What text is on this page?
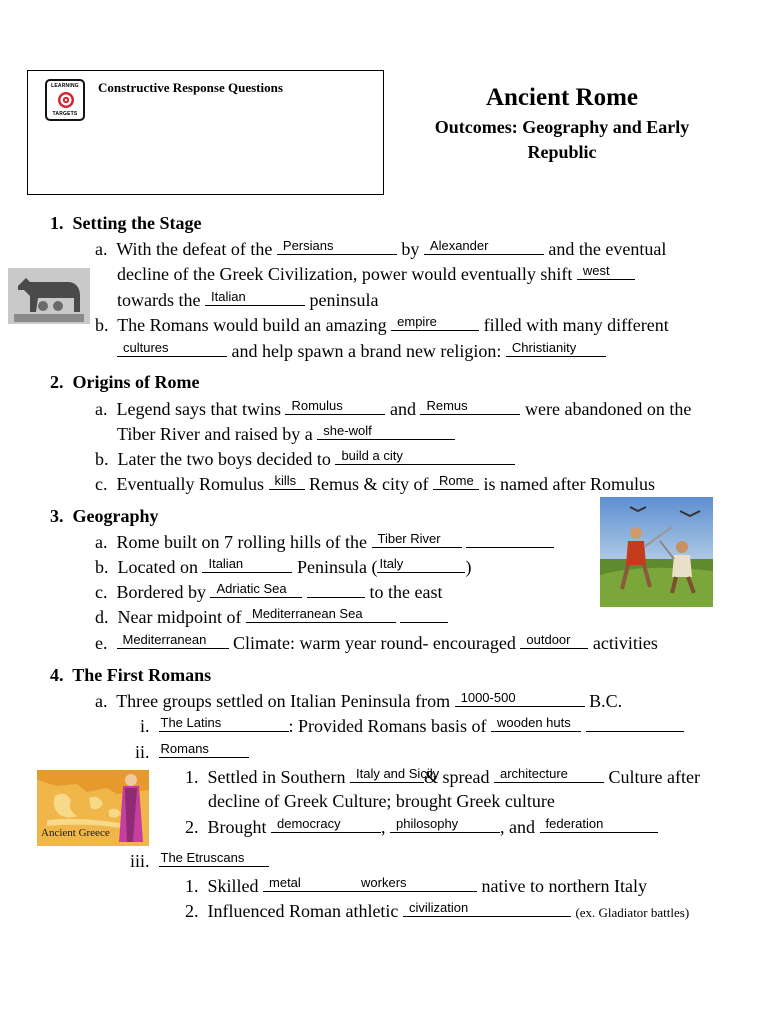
LEARNING
TARGETS
Constructive Response Questions	Ancient Rome
Outcomes: Geography and Early
Republic
1. Setting the Stage
a. With the defeat of the Persians	by Alexander	and the eventual
decline of the Greek Civilization, power would eventually shift west
towards the Italian	peninsula
b. The Romans would build an amazing empire	filled with many different
cultures	and help spawn a brand new religion: Christianity
2. Origins of Rome
a. Legend says that twins Romulus	and Remus	were abandoned on the
Tiber River and raised by a she-wolf
b. Later the two boys decided to build a city
c. Eventually Romulus kills Remus & city of Rome is named after Romulus
3. Geography
a. Rome built on 7 rolling hills of the Tiber River

b. Located on Italian	Peninsula ( Italy	)
c. Bordered by Adriatic Sea	to the east
d. Near midpoint of Mediterranean Sea

e. Mediterranean Climate: warm year round- encouraged outdoor activities
4. The First Romans
a. Three groups settled on Italian Peninsula from 1000-500	B.C.
i. The Latins	: Provided Romans basis of wooden huts

ii. Romans
1. Settled in Southern Italy and Sicily
& spread architecture Culture after
decline of Greek Culture; brought Greek culture
2. Brought democracy , philosophy , and federation
iii. The Etruscans
1. Skilled metal	workers	native to northern Italy
2. Influenced Roman athletic civilization	(ex. Gladiator battles)
Ancient Greece
